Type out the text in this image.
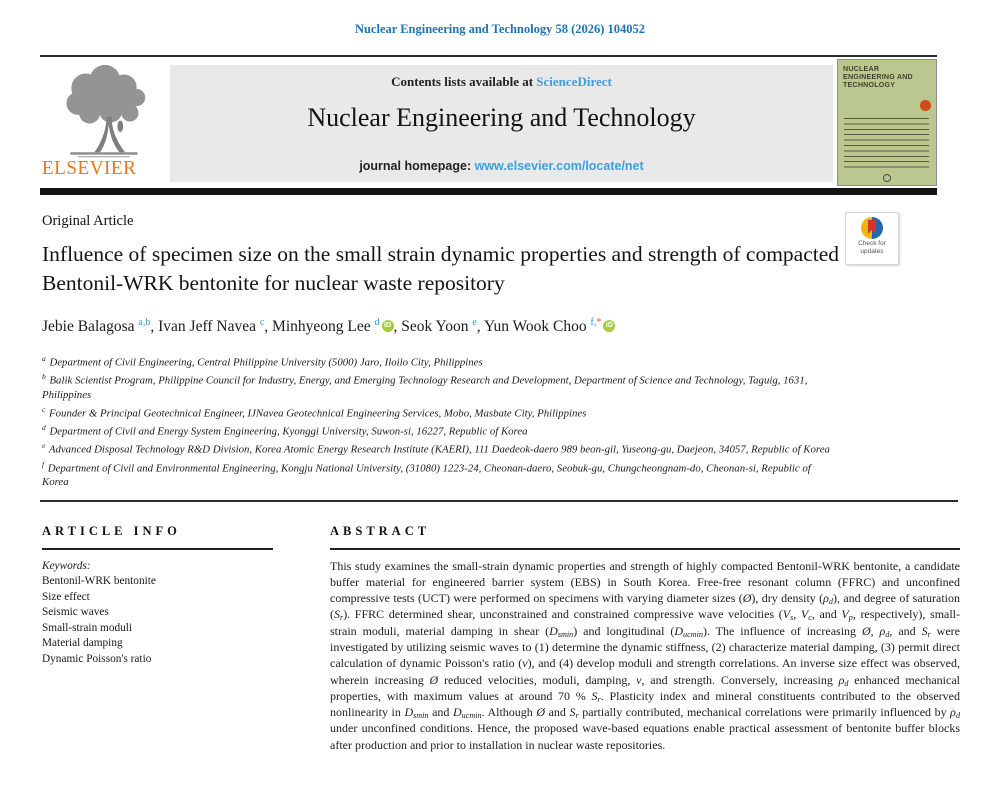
Nuclear Engineering and Technology 58 (2026) 104052
ELSEVIER
Contents lists available at ScienceDirect
Nuclear Engineering and Technology
journal homepage: www.elsevier.com/locate/net
NUCLEAR
ENGINEERING AND
TECHNOLOGY
Original Article
Check for
updates
Influence of specimen size on the small strain dynamic properties and strength of compacted Bentonil-WRK bentonite for nuclear waste repository
Jebie Balagosa $^{a,b}$, Ivan Jeff Navea $^c$, Minhyeong Lee $^d$ iD , Seok Yoon $^e$, Yun Wook Choo $^{f,*}$ iD
$^a$ Department of Civil Engineering, Central Philippine University (5000) Jaro, Iloilo City, Philippines
$^b$ Balik Scientist Program, Philippine Council for Industry, Energy, and Emerging Technology Research and Development, Department of Science and Technology, Taguig, 1631, Philippines
$^c$ Founder & Principal Geotechnical Engineer, IJNavea Geotechnical Engineering Services, Mobo, Masbate City, Philippines
$^d$ Department of Civil and Energy System Engineering, Kyonggi University, Suwon-si, 16227, Republic of Korea
$^e$ Advanced Disposal Technology R&D Division, Korea Atomic Energy Research Institute (KAERI), 111 Daedeok-daero 989 beon-gil, Yuseong-gu, Daejeon, 34057, Republic of Korea
$^f$ Department of Civil and Environmental Engineering, Kongju National University, (31080) 1223-24, Cheonan-daero, Seobuk-gu, Chungcheongnam-do, Cheonan-si, Republic of Korea
ARTICLE INFO
Keywords:
Bentonil-WRK bentonite
Size effect
Seismic waves
Small-strain moduli
Material damping
Dynamic Poisson's ratio
ABSTRACT

This study examines the small-strain dynamic properties and strength of highly compacted Bentonil-WRK bentonite, a candidate buffer material for engineered barrier system (EBS) in South Korea. Free-free resonant column (FFRC) and unconfined compressive tests (UCT) were performed on specimens with varying diameter sizes (Ø), dry density $(\rho_d)$, and degree of saturation $(S_r)$. FFRC determined shear, unconstrained and constrained compressive wave velocities ($V_s$, $V_c$, and $V_p$, respectively), small-strain moduli, material damping in shear $(D_{smin})$ and longitudinal $(D_{ucmin})$. The influence of increasing Ø, $\rho_d$, and $S_r$ were investigated by utilizing seismic waves to (1) determine the dynamic stiffness, (2) characterize material damping, (3) permit direct calculation of dynamic Poisson's ratio (ν), and (4) develop moduli and strength correlations. An inverse size effect was observed, wherein increasing Ø reduced velocities, moduli, damping, ν, and strength. Conversely, increasing $\rho_d$ enhanced mechanical properties, with maximum values at around 70 % $S_r$. Plasticity index and mineral constituents contributed to the observed nonlinearity in $D_{smin}$ and $D_{ucmin}$. Although Ø and $S_r$ partially contributed, mechanical correlations were primarily influenced by $\rho_d$ under unconfined conditions. Hence, the proposed wave-based equations enable practical assessment of bentonite buffer blocks after production and prior to installation in nuclear waste repositories.
